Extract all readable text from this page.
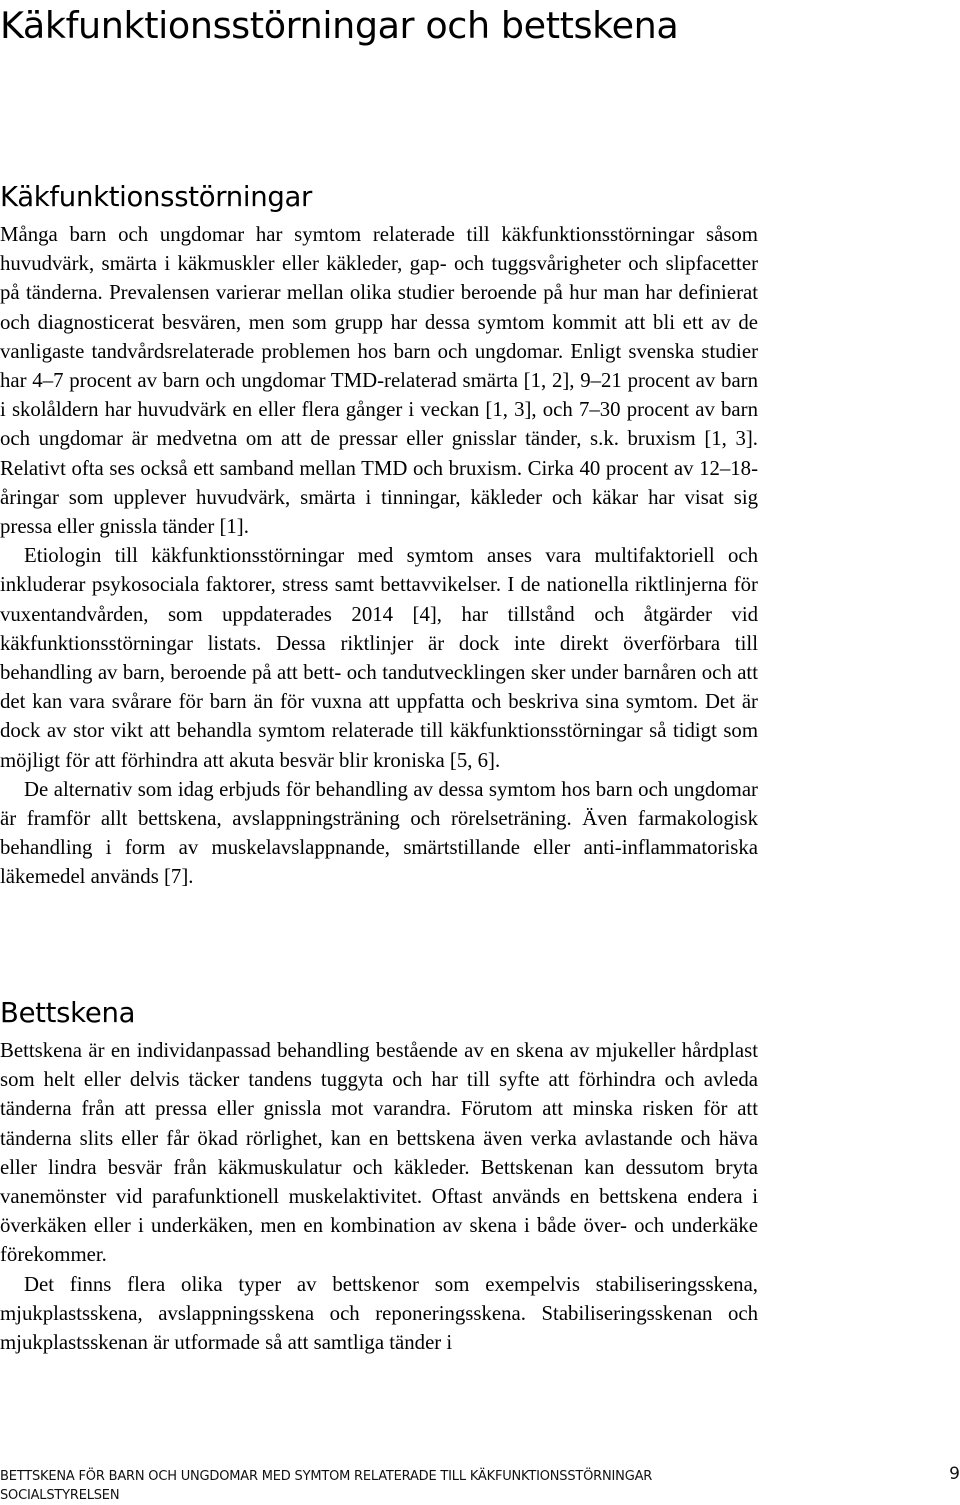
Käkfunktionsstörningar och bettskena
Käkfunktionsstörningar

Många barn och ungdomar har symtom relaterade till käkfunktionsstörningar såsom huvudvärk, smärta i käkmuskler eller käkleder, gap- och tuggsvårigheter och slipfacetter på tänderna. Prevalensen varierar mellan olika studier beroende på hur man har definierat och diagnosticerat besvären, men som grupp har dessa symtom kommit att bli ett av de vanligaste tandvårdsrelaterade problemen hos barn och ungdomar. Enligt svenska studier har 4–7 procent av barn och ungdomar TMD-relaterad smärta [1, 2], 9–21 procent av barn i skolåldern har huvudvärk en eller flera gånger i veckan [1, 3], och 7–30 procent av barn och ungdomar är medvetna om att de pressar eller gnisslar tänder, s.k. bruxism [1, 3]. Relativt ofta ses också ett samband mellan TMD och bruxism. Cirka 40 procent av 12–18- åringar som upplever huvudvärk, smärta i tinningar, käkleder och käkar har visat sig pressa eller gnissla tänder [1].

Etiologin till käkfunktionsstörningar med symtom anses vara multifaktoriell och inkluderar psykosociala faktorer, stress samt bettavvikelser. I de nationella riktlinjerna för vuxentandvården, som uppdaterades 2014 [4], har tillstånd och åtgärder vid käkfunktionsstörningar listats. Dessa riktlinjer är dock inte direkt överförbara till behandling av barn, beroende på att bett- och tandutvecklingen sker under barnåren och att det kan vara svårare för barn än för vuxna att uppfatta och beskriva sina symtom. Det är dock av stor vikt att behandla symtom relaterade till käkfunktionsstörningar så tidigt som möjligt för att förhindra att akuta besvär blir kroniska [5, 6].

De alternativ som idag erbjuds för behandling av dessa symtom hos barn och ungdomar är framför allt bettskena, avslappningsträning och rörelseträning. Även farmakologisk behandling i form av muskelavslappnande, smärtstillande eller anti-inflammatoriska läkemedel används [7].

Bettskena

Bettskena är en individanpassad behandling bestående av en skena av mjukeller hårdplast som helt eller delvis täcker tandens tuggyta och har till syfte att förhindra och avleda tänderna från att pressa eller gnissla mot varandra. Förutom att minska risken för att tänderna slits eller får ökad rörlighet, kan en bettskena även verka avlastande och häva eller lindra besvär från käkmuskulatur och käkleder. Bettskenan kan dessutom bryta vanemönster vid parafunktionell muskelaktivitet. Oftast används en bettskena endera i överkäken eller i underkäken, men en kombination av skena i både över- och underkäke förekommer.

Det finns flera olika typer av bettskenor som exempelvis stabiliseringsskena, mjukplastsskena, avslappningsskena och reponeringsskena. Stabiliseringsskenan och mjukplastsskenan är utformade så att samtliga tänder i

BETTSKENA FÖR BARN OCH UNGDOMAR MED SYMTOM RELATERADE TILL KÄKFUNKTIONSSTÖRNINGAR
SOCIALSTYRELSEN
9
